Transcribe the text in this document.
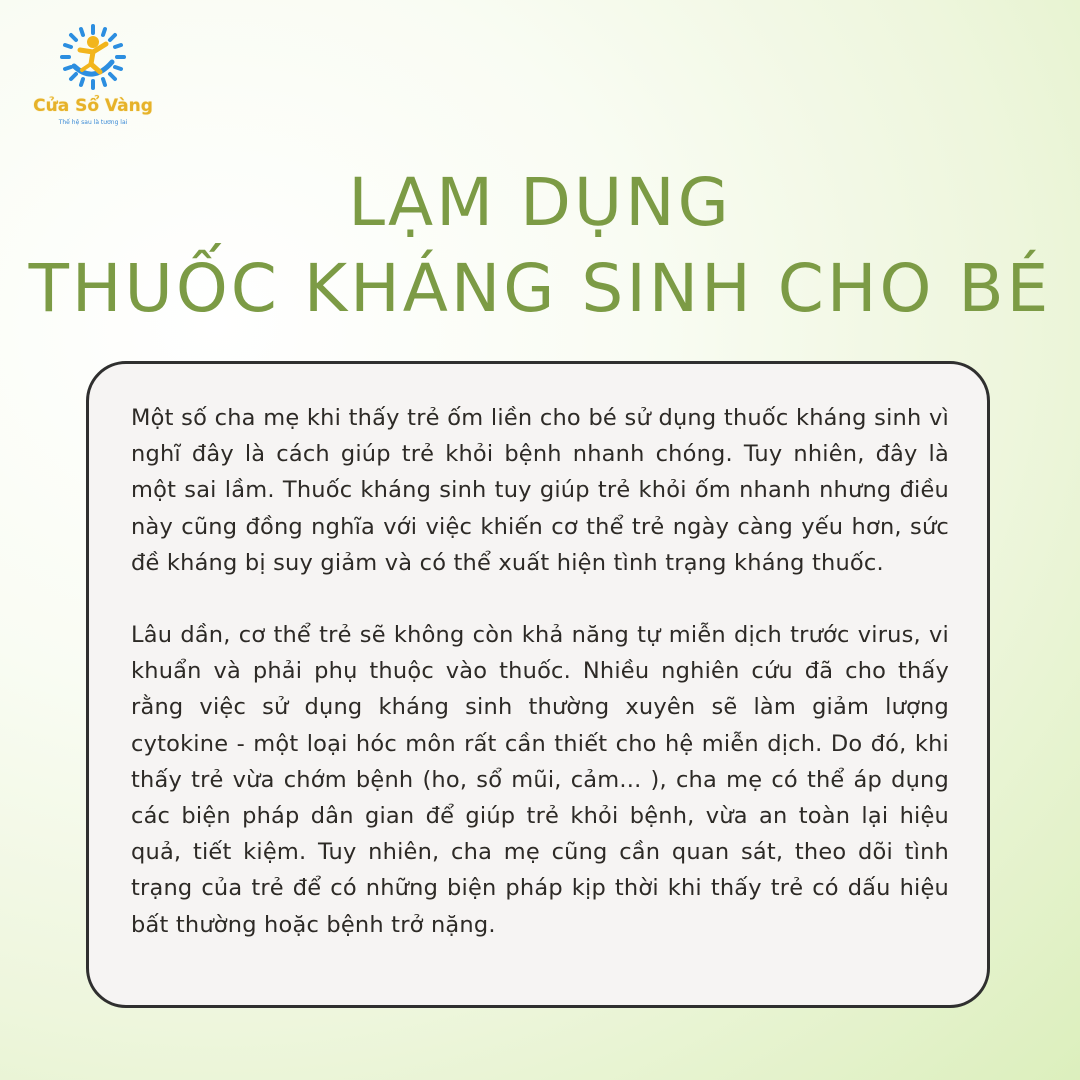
Cửa Sổ Vàng
Thế hệ sau là tương lai
LẠM DỤNG
THUỐC KHÁNG SINH CHO BÉ

Một số cha mẹ khi thấy trẻ ốm liền cho bé sử dụng thuốc kháng sinh vì nghĩ đây là cách giúp trẻ khỏi bệnh nhanh chóng. Tuy nhiên, đây là một sai lầm. Thuốc kháng sinh tuy giúp trẻ khỏi ốm nhanh nhưng điều này cũng đồng nghĩa với việc khiến cơ thể trẻ ngày càng yếu hơn, sức đề kháng bị suy giảm và có thể xuất hiện tình trạng kháng thuốc.

Lâu dần, cơ thể trẻ sẽ không còn khả năng tự miễn dịch trước virus, vi khuẩn và phải phụ thuộc vào thuốc. Nhiều nghiên cứu đã cho thấy rằng việc sử dụng kháng sinh thường xuyên sẽ làm giảm lượng cytokine - một loại hóc môn rất cần thiết cho hệ miễn dịch. Do đó, khi thấy trẻ vừa chớm bệnh (ho, sổ mũi, cảm... ), cha mẹ có thể áp dụng các biện pháp dân gian để giúp trẻ khỏi bệnh, vừa an toàn lại hiệu quả, tiết kiệm. Tuy nhiên, cha mẹ cũng cần quan sát, theo dõi tình trạng của trẻ để có những biện pháp kịp thời khi thấy trẻ có dấu hiệu bất thường hoặc bệnh trở nặng.
